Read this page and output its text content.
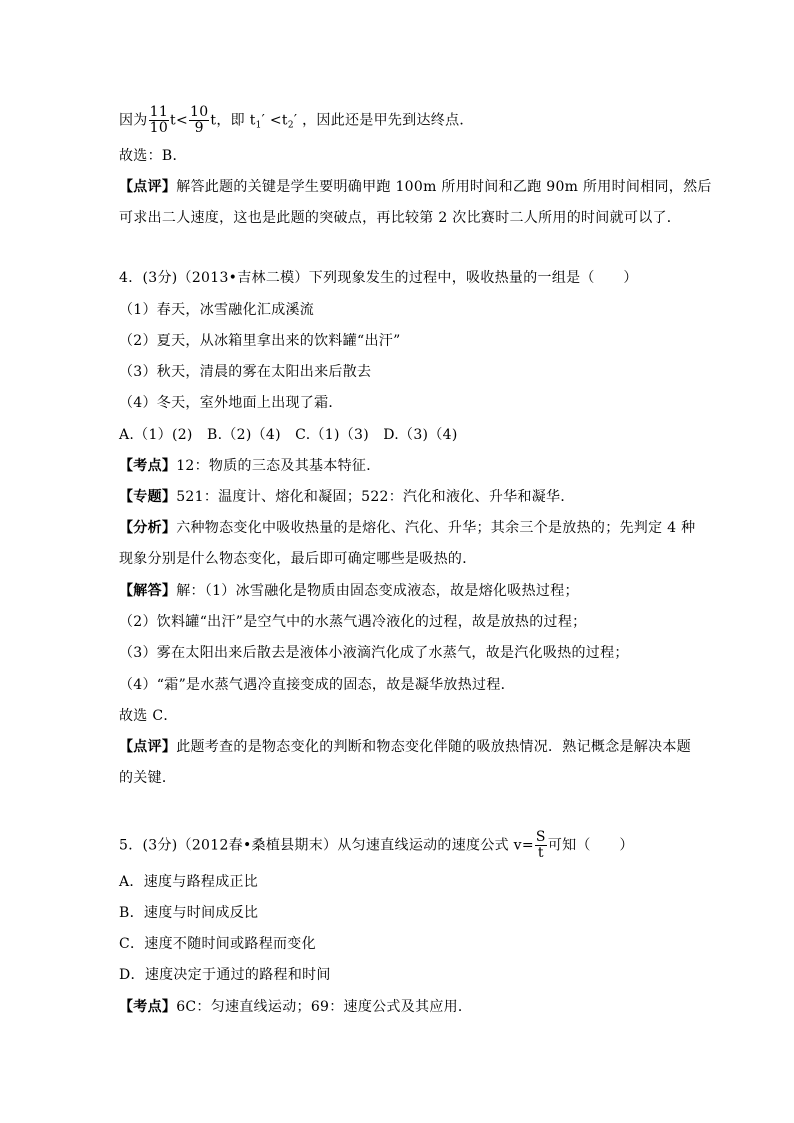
因为 $\frac{11}{10} t< \frac{10}{9}$ t，即 $t_1' <t_2'$ ，因此还是甲先到达终点．
故选：B．
【点评】解答此题的关键是学生要明确甲跑 100m 所用时间和乙跑 90m 所用时间相同，然后
可求出二人速度，这也是此题的突破点，再比较第 2 次比赛时二人所用的时间就可以了．
4．(3分)（2013•吉林二模）下列现象发生的过程中，吸收热量的一组是（　　）
（1）春天，冰雪融化汇成溪流
（2）夏天，从冰箱里拿出来的饮料罐“出汗”
（3）秋天，清晨的雾在太阳出来后散去
（4）冬天，室外地面上出现了霜．
A.（1）(2)　B.（2)（4)　C.（1)（3)　D.（3)（4)
【考点】12：物质的三态及其基本特征．
【专题】521：温度计、熔化和凝固；522：汽化和液化、升华和凝华．
【分析】六种物态变化中吸收热量的是熔化、汽化、升华；其余三个是放热的；先判定 4 种
现象分别是什么物态变化，最后即可确定哪些是吸热的．
【解答】解：（1）冰雪融化是物质由固态变成液态，故是熔化吸热过程；
（2）饮料罐“出汗”是空气中的水蒸气遇冷液化的过程，故是放热的过程；
（3）雾在太阳出来后散去是液体小液滴汽化成了水蒸气，故是汽化吸热的过程；
（4）“霜”是水蒸气遇冷直接变成的固态，故是凝华放热过程．
故选 C．
【点评】此题考查的是物态变化的判断和物态变化伴随的吸放热情况．熟记概念是解决本题
的关键．
5．(3分)（2012春•桑植县期末）从匀速直线运动的速度公式 $v= \frac{S}{t}$ 可知（　　）
A．速度与路程成正比
B．速度与时间成反比
C．速度不随时间或路程而变化
D．速度决定于通过的路程和时间
【考点】6C：匀速直线运动；69：速度公式及其应用．
